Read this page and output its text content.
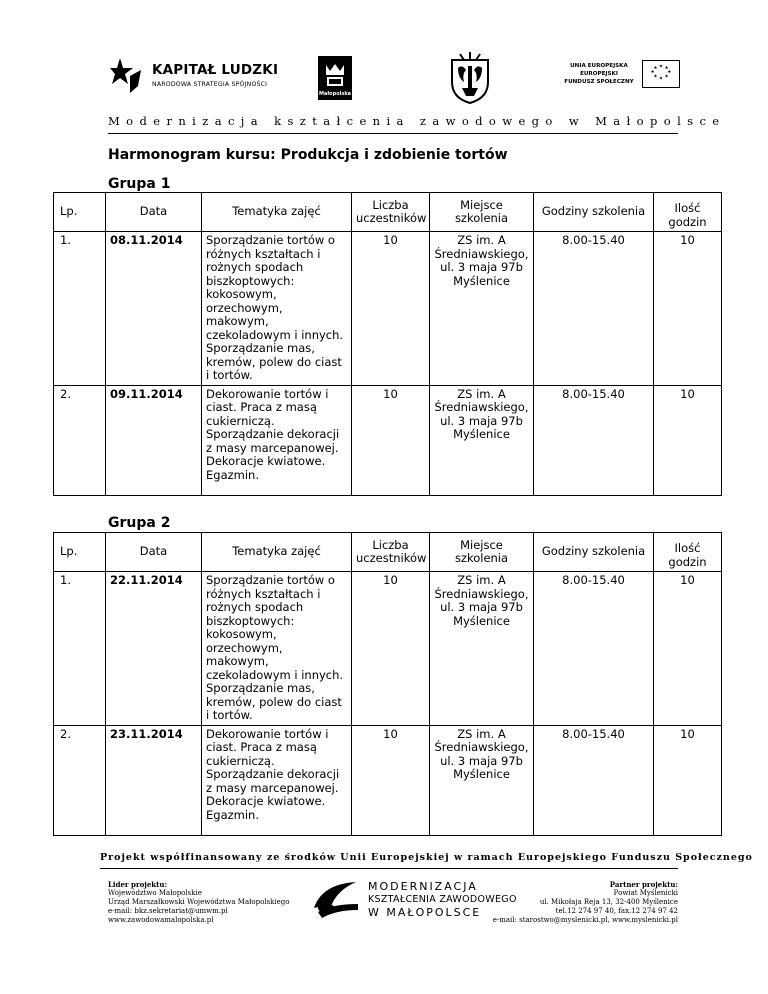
KAPITAŁ LUDZKI
NARODOWA STRATEGIA SPÓJNOŚCI
Małopolska
UNIA EUROPEJSKA
EUROPEJSKI
FUNDUSZ SPOŁECZNY
★ ★
★
★
★
★
★
★
Modernizacja kształcenia zawodowego w Małopolsce
Harmonogram kursu: Produkcja i zdobienie tortów
Grupa 1
Lp.	Data	Tematyka zajęć	Liczba uczestników	Miejsce szkolenia	Godziny szkolenia	Ilość godzin
1.	08.11.2014	Sporządzanie tortów o różnych kształtach i rożnych spodach biszkoptowych: kokosowym, orzechowym, makowym, czekoladowym i innych. Sporządzanie mas, kremów, polew do ciast i tortów.	10	ZS im. A Średniawskiego, ul. 3 maja 97b Myślenice	8.00-15.40	10
2.	09.11.2014	Dekorowanie tortów i ciast. Praca z masą cukierniczą. Sporządzanie dekoracji z masy marcepanowej. Dekoracje kwiatowe. Egazmin.	10	ZS im. A Średniawskiego, ul. 3 maja 97b Myślenice	8.00-15.40	10
Grupa 2
Lp.	Data	Tematyka zajęć	Liczba uczestników	Miejsce szkolenia	Godziny szkolenia	Ilość godzin
1.	22.11.2014	Sporządzanie tortów o różnych kształtach i rożnych spodach biszkoptowych: kokosowym, orzechowym, makowym, czekoladowym i innych. Sporządzanie mas, kremów, polew do ciast i tortów.	10	ZS im. A Średniawskiego, ul. 3 maja 97b Myślenice	8.00-15.40	10
2.	23.11.2014	Dekorowanie tortów i ciast. Praca z masą cukierniczą. Sporządzanie dekoracji z masy marcepanowej. Dekoracje kwiatowe. Egazmin.	10	ZS im. A Średniawskiego, ul. 3 maja 97b Myślenice	8.00-15.40	10
Projekt współfinansowany ze środków Unii Europejskiej w ramach Europejskiego Funduszu Społecznego
Lider projektu:
Województwo Małopolskie
Urząd Marszałkowski Województwa Małopolskiego
e-mail: bkz.sekretariat@umwm.pl
www.zawodowamalopolska.pl
MODERNIZACJA
KSZTAŁCENIA ZAWODOWEGO
W MAŁOPOLSCE
Partner projektu:
Powiat Myślenicki
ul. Mikołaja Reja 13, 32-400 Myślenice
tel.12 274 97 40, fax.12 274 97 42
e-mail: starostwo@myslenicki.pl, www.myslenicki.pl
